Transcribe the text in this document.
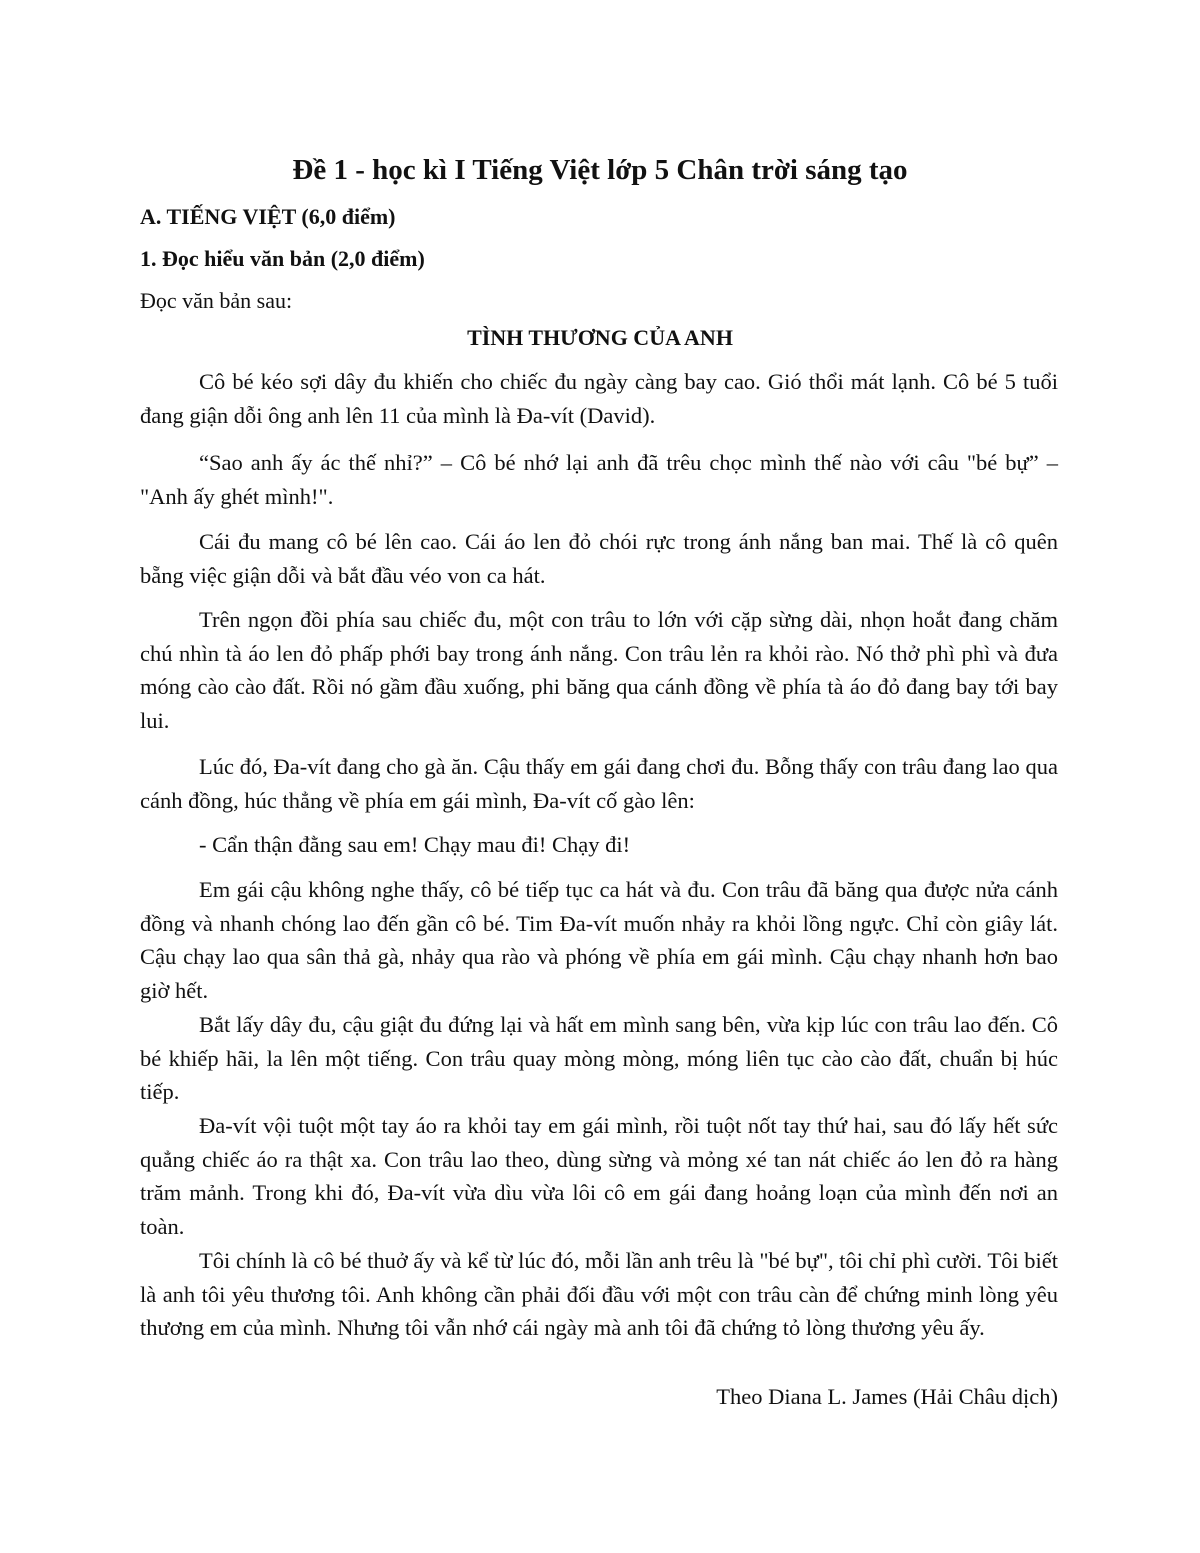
Đề 1 - học kì I Tiếng Việt lớp 5 Chân trời sáng tạo

A. TIẾNG VIỆT (6,0 điểm)

1. Đọc hiểu văn bản (2,0 điểm)

Đọc văn bản sau:

TÌNH THƯƠNG CỦA ANH

Cô bé kéo sợi dây đu khiến cho chiếc đu ngày càng bay cao. Gió thổi mát lạnh. Cô bé 5 tuổi đang giận dỗi ông anh lên 11 của mình là Đa-vít (David).

“Sao anh ấy ác thế nhỉ?” – Cô bé nhớ lại anh đã trêu chọc mình thế nào với câu "bé bự” – "Anh ấy ghét mình!".

Cái đu mang cô bé lên cao. Cái áo len đỏ chói rực trong ánh nắng ban mai. Thế là cô quên bẵng việc giận dỗi và bắt đầu véo von ca hát.

Trên ngọn đồi phía sau chiếc đu, một con trâu to lớn với cặp sừng dài, nhọn hoắt đang chăm chú nhìn tà áo len đỏ phấp phới bay trong ánh nắng. Con trâu lẻn ra khỏi rào. Nó thở phì phì và đưa móng cào cào đất. Rồi nó gầm đầu xuống, phi băng qua cánh đồng về phía tà áo đỏ đang bay tới bay lui.

Lúc đó, Đa-vít đang cho gà ăn. Cậu thấy em gái đang chơi đu. Bỗng thấy con trâu đang lao qua cánh đồng, húc thẳng về phía em gái mình, Đa-vít cố gào lên:

- Cẩn thận đằng sau em! Chạy mau đi! Chạy đi!

Em gái cậu không nghe thấy, cô bé tiếp tục ca hát và đu. Con trâu đã băng qua được nửa cánh đồng và nhanh chóng lao đến gần cô bé. Tim Đa-vít muốn nhảy ra khỏi lồng ngực. Chỉ còn giây lát. Cậu chạy lao qua sân thả gà, nhảy qua rào và phóng về phía em gái mình. Cậu chạy nhanh hơn bao giờ hết.

Bắt lấy dây đu, cậu giật đu đứng lại và hất em mình sang bên, vừa kịp lúc con trâu lao đến. Cô bé khiếp hãi, la lên một tiếng. Con trâu quay mòng mòng, móng liên tục cào cào đất, chuẩn bị húc tiếp.

Đa-vít vội tuột một tay áo ra khỏi tay em gái mình, rồi tuột nốt tay thứ hai, sau đó lấy hết sức quẳng chiếc áo ra thật xa. Con trâu lao theo, dùng sừng và mỏng xé tan nát chiếc áo len đỏ ra hàng trăm mảnh. Trong khi đó, Đa-vít vừa dìu vừa lôi cô em gái đang hoảng loạn của mình đến nơi an toàn.

Tôi chính là cô bé thuở ấy và kể từ lúc đó, mỗi lần anh trêu là "bé bự", tôi chỉ phì cười. Tôi biết là anh tôi yêu thương tôi. Anh không cần phải đối đầu với một con trâu càn để chứng minh lòng yêu thương em của mình. Nhưng tôi vẫn nhớ cái ngày mà anh tôi đã chứng tỏ lòng thương yêu ấy.

Theo Diana L. James (Hải Châu dịch)
